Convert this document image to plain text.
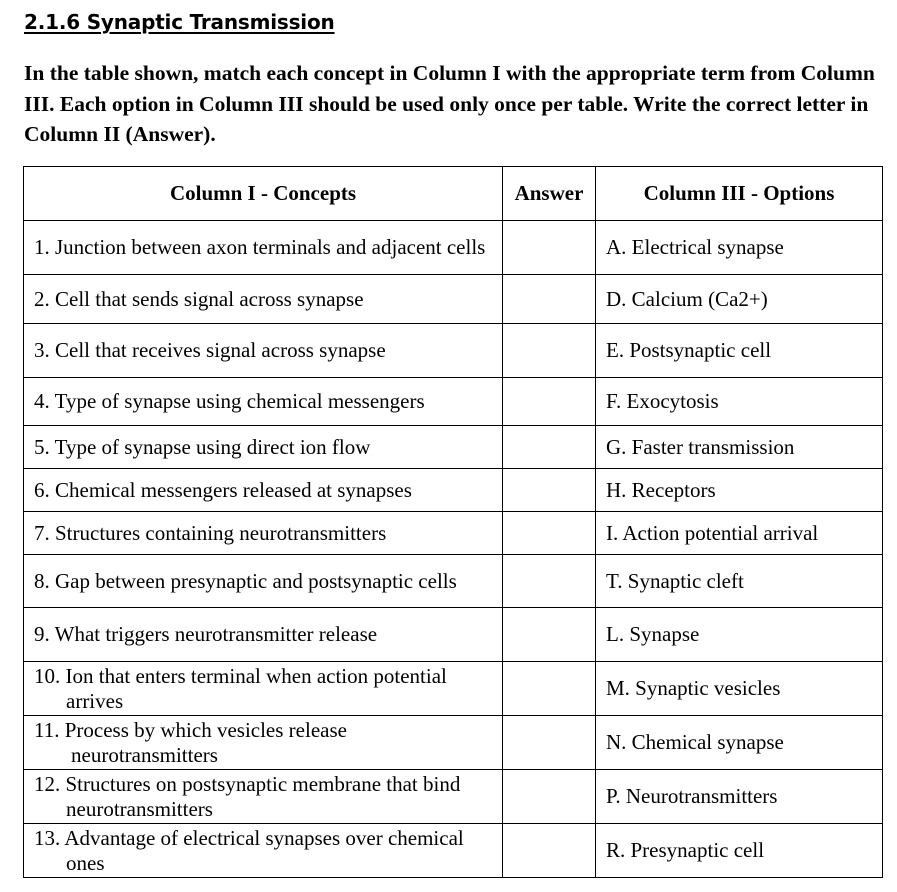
2.1.6 Synaptic Transmission
In the table shown, match each concept in Column I with the appropriate term from Column III. Each option in Column III should be used only once per table. Write the correct letter in Column II (Answer).
Column I - Concepts	Answer	Column III - Options

1. Junction between axon terminals and adjacent cells		A. Electrical synapse

2. Cell that sends signal across synapse		D. Calcium (Ca2+)

3. Cell that receives signal across synapse		E. Postsynaptic cell

4. Type of synapse using chemical messengers		F. Exocytosis

5. Type of synapse using direct ion flow		G. Faster transmission

6. Chemical messengers released at synapses		H. Receptors

7. Structures containing neurotransmitters		I. Action potential arrival

8. Gap between presynaptic and postsynaptic cells		T. Synaptic cleft

9. What triggers neurotransmitter release		L. Synapse

10. Ion that enters terminal when action potential arrives		M. Synaptic vesicles

11. Process by which vesicles release neurotransmitters		N. Chemical synapse

12. Structures on postsynaptic membrane that bind neurotransmitters		P. Neurotransmitters

13. Advantage of electrical synapses over chemical ones		R. Presynaptic cell
